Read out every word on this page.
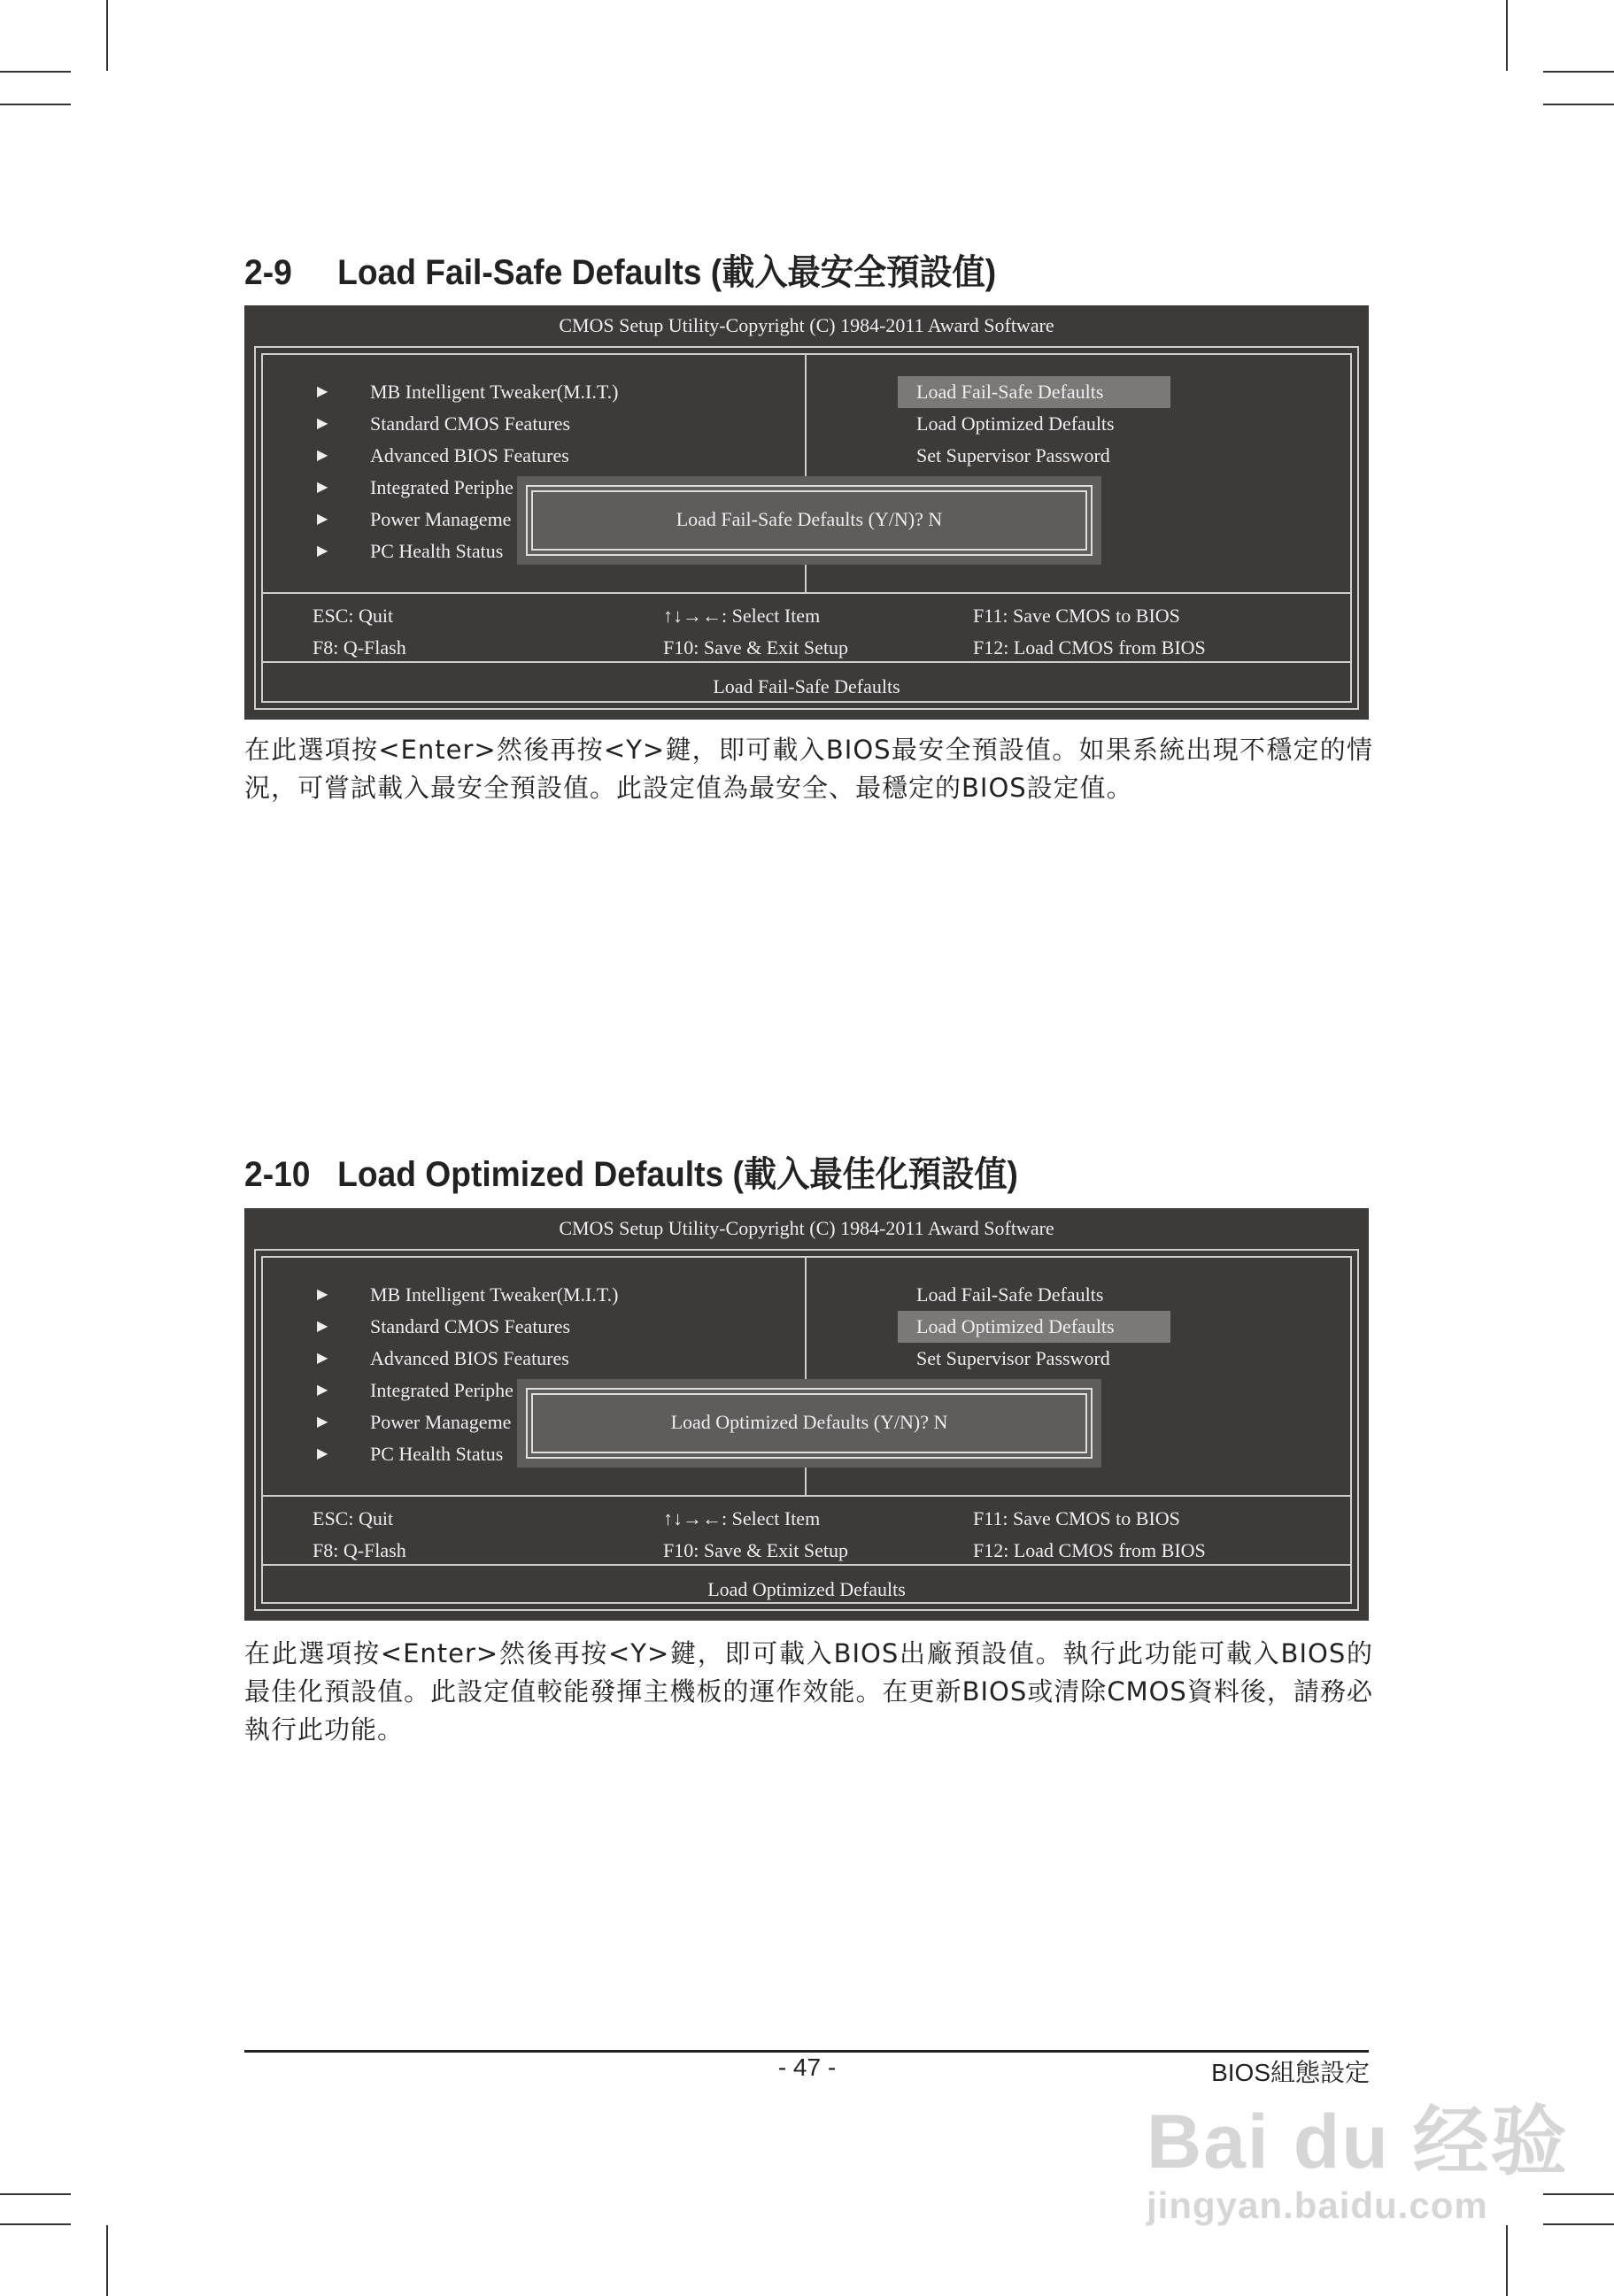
2-9 Load Fail-Safe Defaults (載入最安全預設值)
CMOS Setup Utility-Copyright (C) 1984-2011 Award Software
▶ MB Intelligent Tweaker(M.I.T.)
▶ Standard CMOS Features
▶ Advanced BIOS Features
▶ Integrated Periphe
▶ Power Manageme
▶ PC Health Status
Load Fail-Safe Defaults
Load Optimized Defaults
Set Supervisor Password
Load Fail-Safe Defaults (Y/N)? N
ESC: Quit	↑↓→←: Select Item	F11: Save CMOS to BIOS
F8: Q-Flash	F10: Save & Exit Setup	F12: Load CMOS from BIOS
Load Fail-Safe Defaults
在此選項按<Enter>然後再按<Y>鍵，即可載入BIOS最安全預設值。如果系統出現不穩定的情況，可嘗試載入最安全預設值。此設定值為最安全、最穩定的BIOS設定值。
2-10 Load Optimized Defaults (載入最佳化預設值)
CMOS Setup Utility-Copyright (C) 1984-2011 Award Software
▶ MB Intelligent Tweaker(M.I.T.)
▶ Standard CMOS Features
▶ Advanced BIOS Features
▶ Integrated Periphe
▶ Power Manageme
▶ PC Health Status
Load Fail-Safe Defaults
Load Optimized Defaults
Set Supervisor Password
Load Optimized Defaults (Y/N)? N
ESC: Quit	↑↓→←: Select Item	F11: Save CMOS to BIOS
F8: Q-Flash	F10: Save & Exit Setup	F12: Load CMOS from BIOS
Load Optimized Defaults
在此選項按<Enter>然後再按<Y>鍵，即可載入BIOS出廠預設值。執行此功能可載入BIOS的最佳化預設值。此設定值較能發揮主機板的運作效能。在更新BIOS或清除CMOS資料後，請務必執行此功能。
- 47 -	BIOS組態設定
Bai du 经验
jingyan.baidu.com
